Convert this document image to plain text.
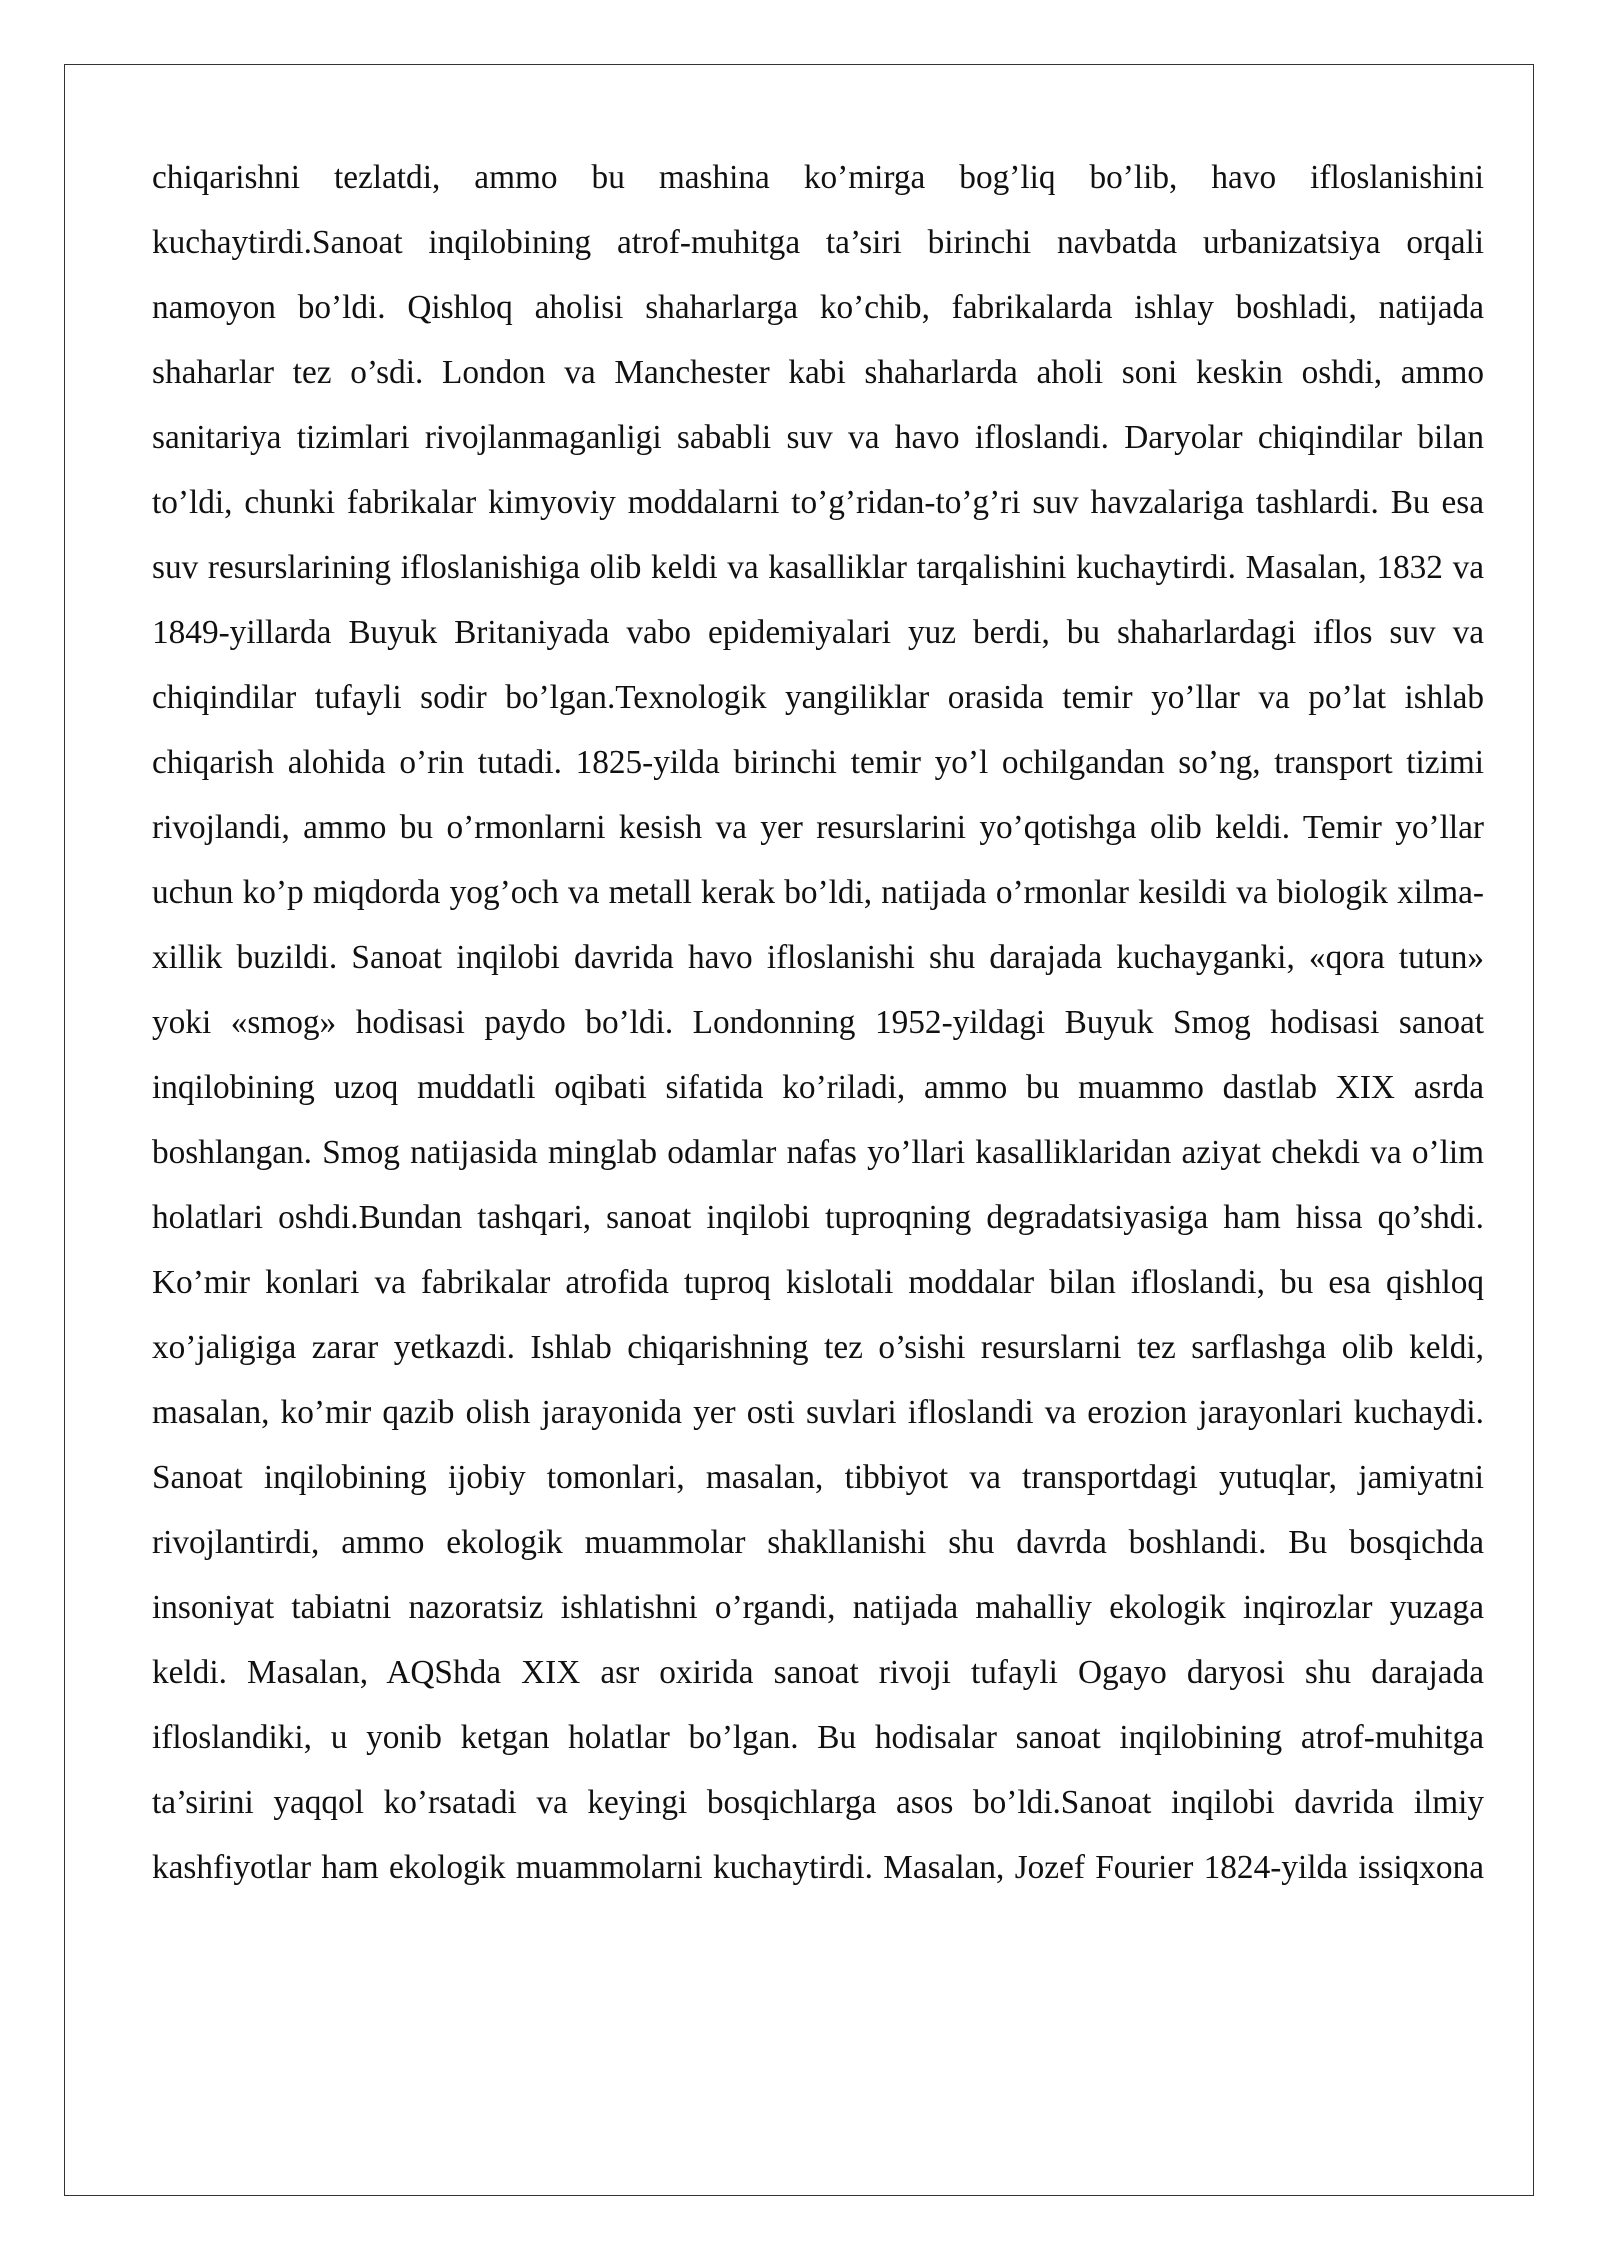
chiqarishni tezlatdi, ammo bu mashina ko’mirga bog’liq bo’lib, havo ifloslanishini kuchaytirdi.Sanoat inqilobining atrof-muhitga ta’siri birinchi navbatda urbanizatsiya orqali namoyon bo’ldi. Qishloq aholisi shaharlarga ko’chib, fabrikalarda ishlay boshladi, natijada shaharlar tez o’sdi. London va Manchester kabi shaharlarda aholi soni keskin oshdi, ammo sanitariya tizimlari rivojlanmaganligi sababli suv va havo ifloslandi. Daryolar chiqindilar bilan to’ldi, chunki fabrikalar kimyoviy moddalarni to’g’ridan-to’g’ri suv havzalariga tashlardi. Bu esa suv resurslarining ifloslanishiga olib keldi va kasalliklar tarqalishini kuchaytirdi. Masalan, 1832 va 1849-yillarda Buyuk Britaniyada vabo epidemiyalari yuz berdi, bu shaharlardagi iflos suv va chiqindilar tufayli sodir bo’lgan.Texnologik yangiliklar orasida temir yo’llar va po’lat ishlab chiqarish alohida o’rin tutadi. 1825-yilda birinchi temir yo’l ochilgandan so’ng, transport tizimi rivojlandi, ammo bu o’rmonlarni kesish va yer resurslarini yo’qotishga olib keldi. Temir yo’llar uchun ko’p miqdorda yog’och va metall kerak bo’ldi, natijada o’rmonlar kesildi va biologik xilma-xillik buzildi. Sanoat inqilobi davrida havo ifloslanishi shu darajada kuchayganki, «qora tutun» yoki «smog» hodisasi paydo bo’ldi. Londonning 1952-yildagi Buyuk Smog hodisasi sanoat inqilobining uzoq muddatli oqibati sifatida ko’riladi, ammo bu muammo dastlab XIX asrda boshlangan. Smog natijasida minglab odamlar nafas yo’llari kasalliklaridan aziyat chekdi va o’lim holatlari oshdi.Bundan tashqari, sanoat inqilobi tuproqning degradatsiyasiga ham hissa qo’shdi. Ko’mir konlari va fabrikalar atrofida tuproq kislotali moddalar bilan ifloslandi, bu esa qishloq xo’jaligiga zarar yetkazdi. Ishlab chiqarishning tez o’sishi resurslarni tez sarflashga olib keldi, masalan, ko’mir qazib olish jarayonida yer osti suvlari ifloslandi va erozion jarayonlari kuchaydi. Sanoat inqilobining ijobiy tomonlari, masalan, tibbiyot va transportdagi yutuqlar, jamiyatni rivojlantirdi, ammo ekologik muammolar shakllanishi shu davrda boshlandi. Bu bosqichda insoniyat tabiatni nazoratsiz ishlatishni o’rgandi, natijada mahalliy ekologik inqirozlar yuzaga keldi. Masalan, AQShda XIX asr oxirida sanoat rivoji tufayli Ogayo daryosi shu darajada ifloslandiki, u yonib ketgan holatlar bo’lgan. Bu hodisalar sanoat inqilobining atrof-muhitga ta’sirini yaqqol ko’rsatadi va keyingi bosqichlarga asos bo’ldi.Sanoat inqilobi davrida ilmiy kashfiyotlar ham ekologik muammolarni kuchaytirdi. Masalan, Jozef Fourier 1824-yilda issiqxona
